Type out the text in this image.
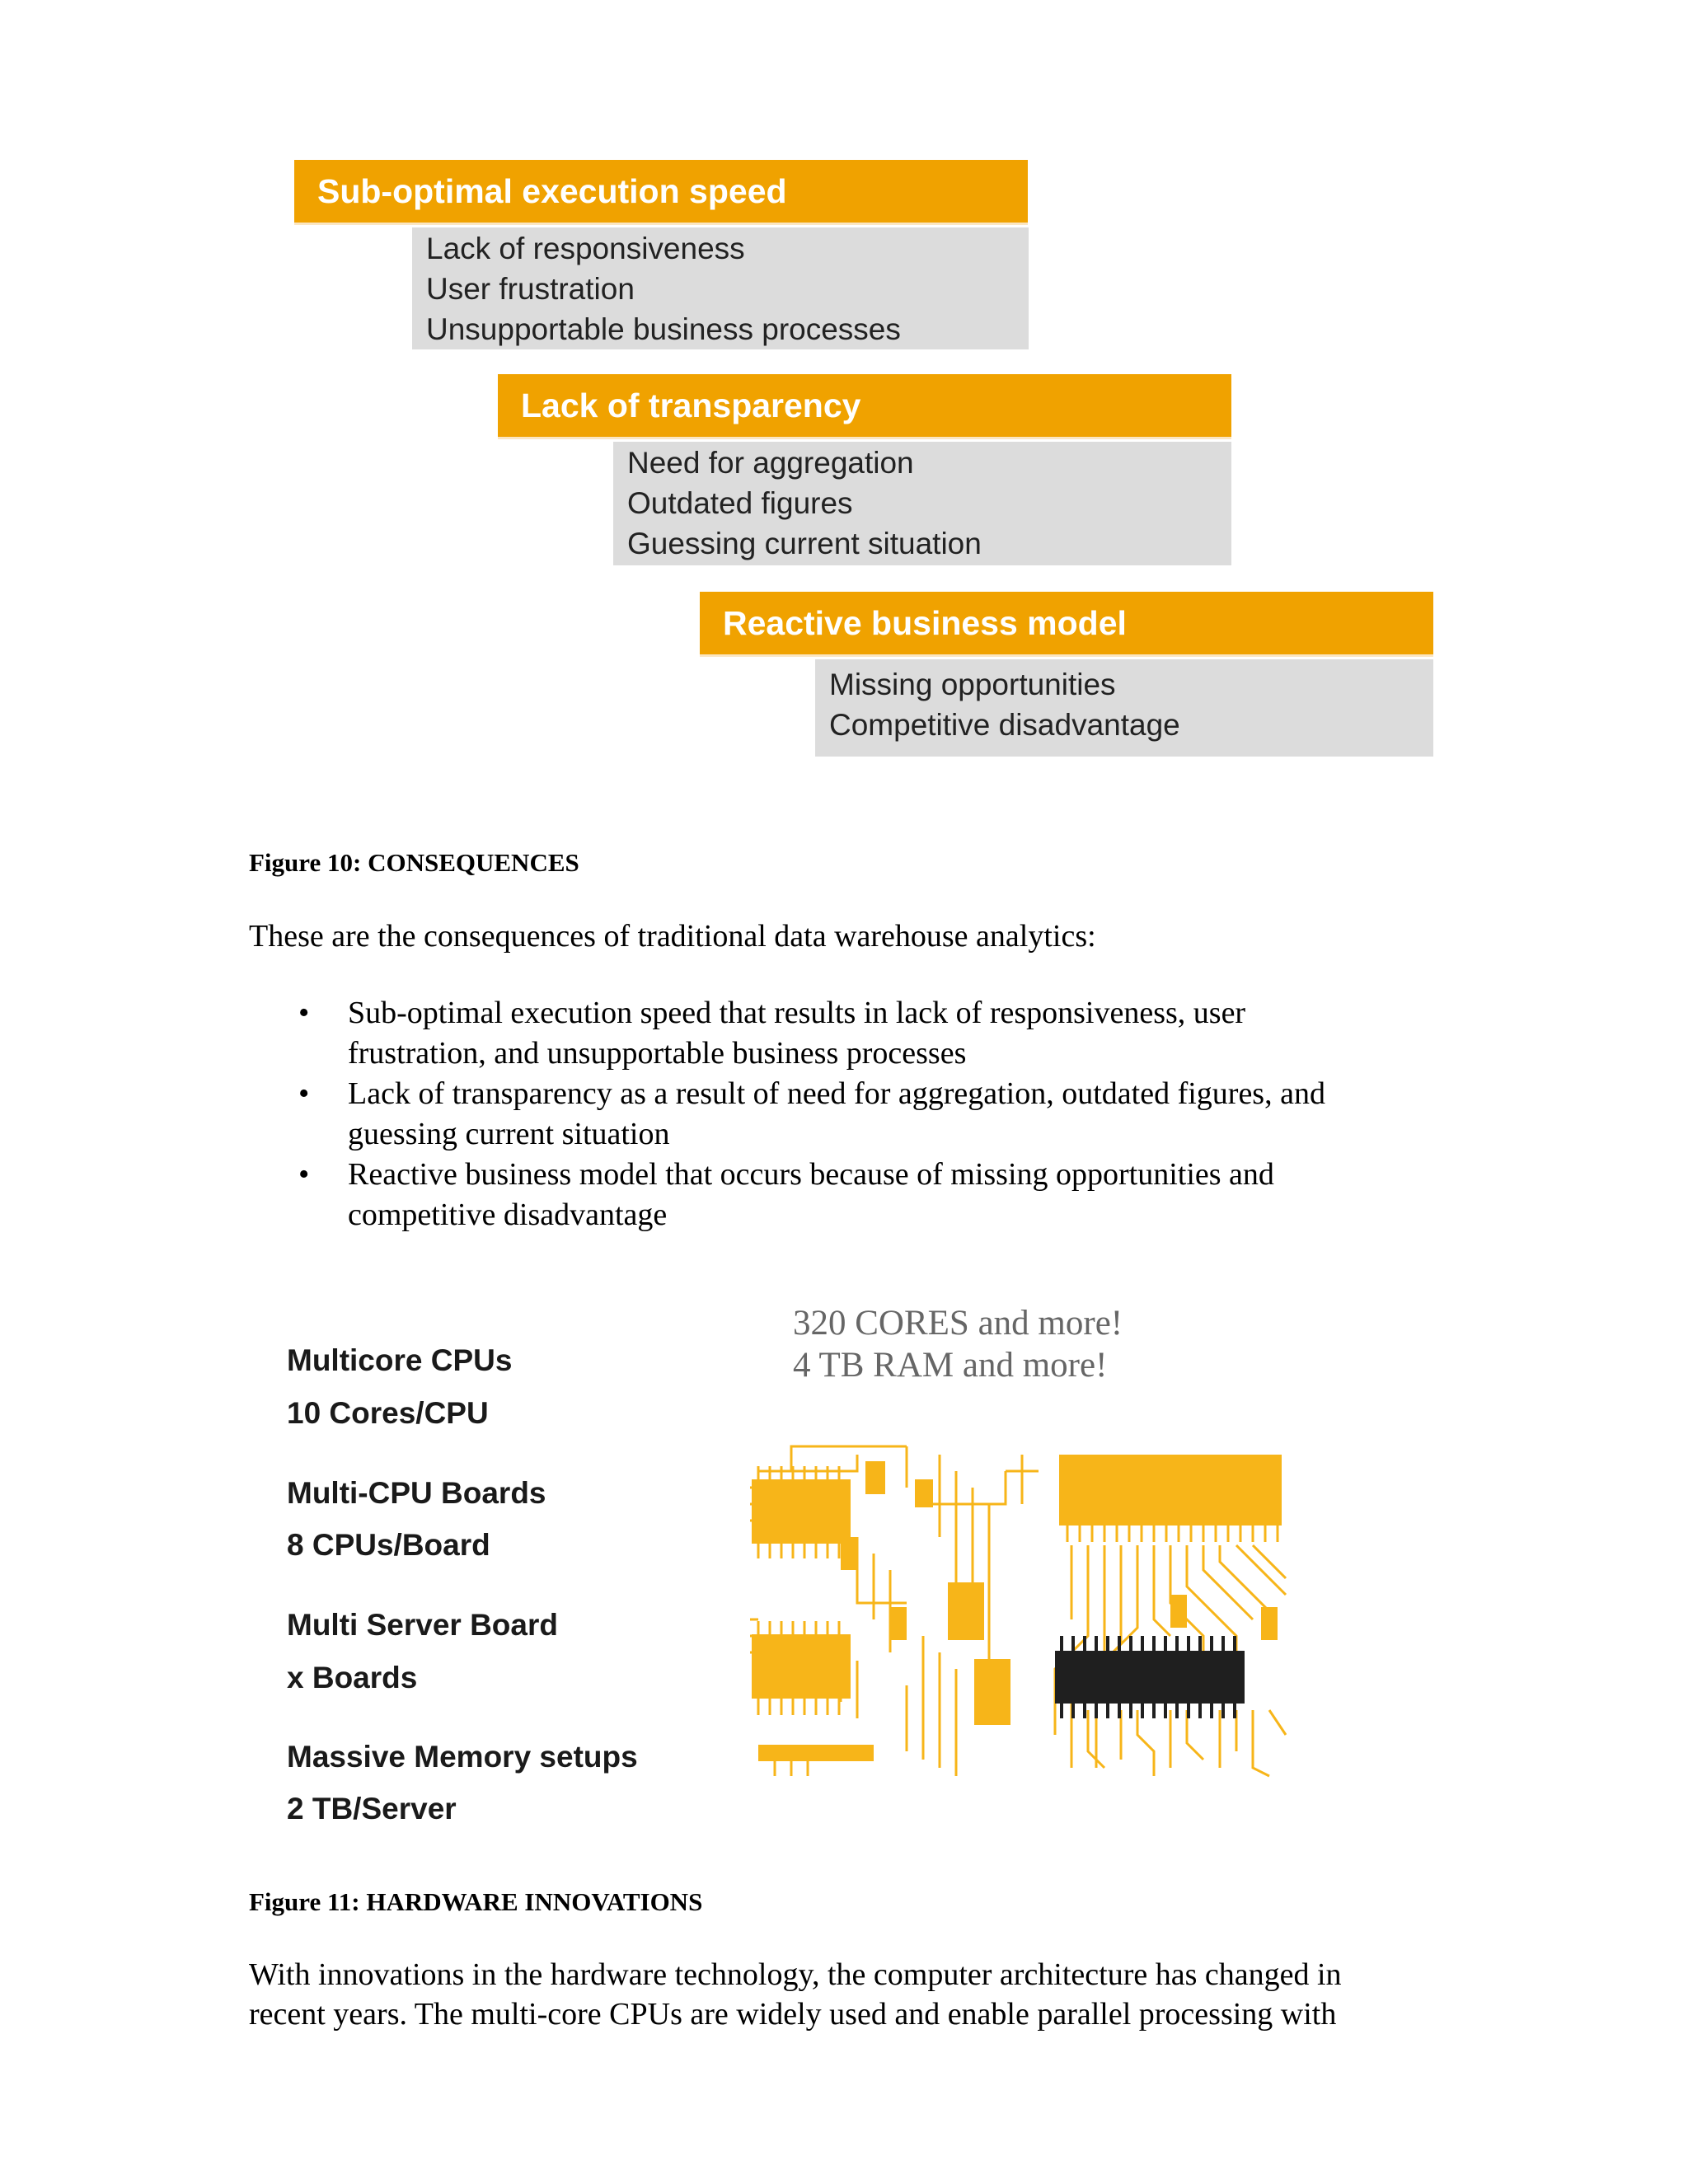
Sub-optimal execution speed
Lack of responsiveness
User frustration
Unsupportable business processes
Lack of transparency
Need for aggregation
Outdated figures
Guessing current situation
Reactive business model
Missing opportunities
Competitive disadvantage
Figure 10: CONSEQUENCES
These are the consequences of traditional data warehouse analytics:
• Sub-optimal execution speed that results in lack of responsiveness, user
frustration, and unsupportable business processes
• Lack of transparency as a result of need for aggregation, outdated figures, and
guessing current situation
• Reactive business model that occurs because of missing opportunities and
competitive disadvantage
Multicore CPUs
10 Cores/CPU
Multi-CPU Boards
8 CPUs/Board
Multi Server Board
x Boards
Massive Memory setups
2 TB/Server
320 CORES and more!
4 TB RAM and more!
Figure 11: HARDWARE INNOVATIONS
With innovations in the hardware technology, the computer architecture has changed in
recent years. The multi-core CPUs are widely used and enable parallel processing with
